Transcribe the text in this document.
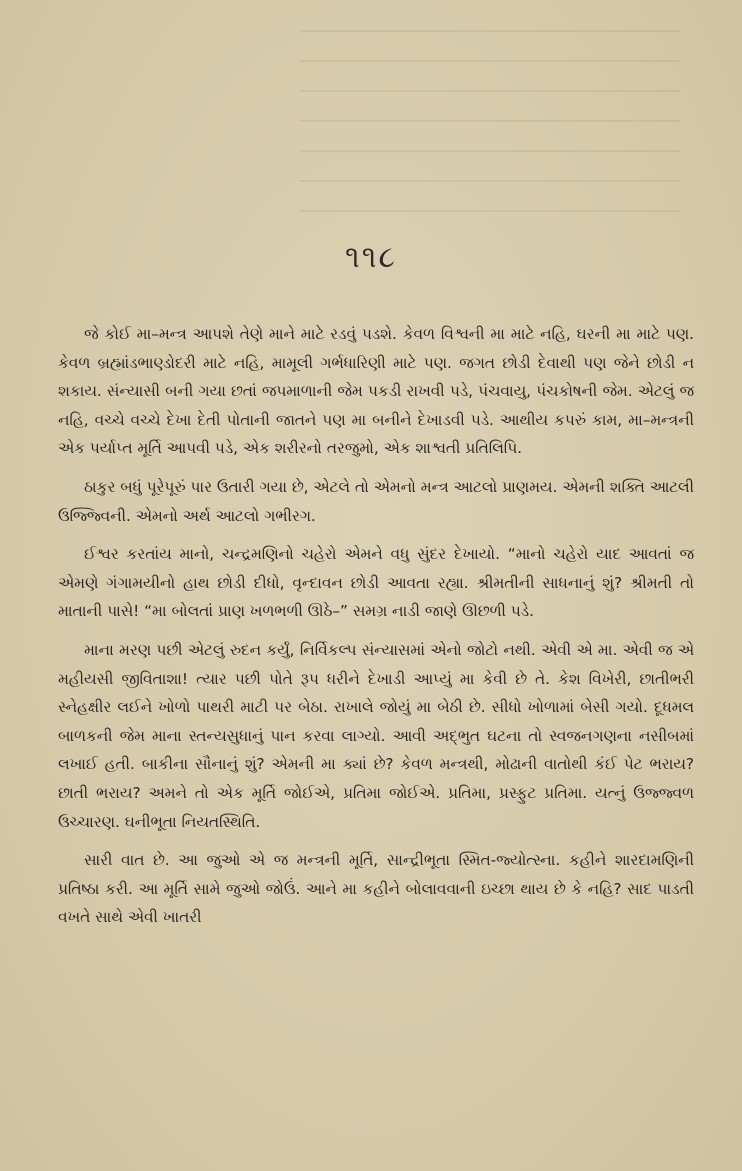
૧૧૮

જે કોઈ મા–મન્ત્ર આપશે તેણે માને માટે રડવું પડશે. કેવળ વિશ્વની મા માટે નહિ, ઘરની મા માટે પણ. કેવળ બ્રહ્માંડભાણ્ડોદરી માટે નહિ, મામૂલી ગર્ભધારિણી માટે પણ. જગત છોડી દેવાથી પણ જેને છોડી ન શકાય. સંન્યાસી બની ગયા છતાં જપમાળાની જેમ પકડી રાખવી પડે, પંચવાયુ, પંચકોષની જેમ. એટલું જ નહિ, વચ્ચે વચ્ચે દેખા દેતી પોતાની જાતને પણ મા બનીને દેખાડવી પડે. આથીય કપરું કામ, મા–મન્ત્રની એક પર્યાપ્ત મૂર્તિ આપવી પડે, એક શરીરનો તરજુમો, એક શાશ્વતી પ્રતિલિપિ.

ઠાકુર બધું પૂરેપૂરું પાર ઉતારી ગયા છે, એટલે તો એમનો મન્ત્ર આટલો પ્રાણમય. એમની શક્તિ આટલી ઉજ્જ્વિની. એમનો અર્થ આટલો ગભીરગ.

ઈશ્વર કરતાંય માનો, ચન્દ્રમણિનો ચહેરો એમને વધુ સુંદર દેખાયો. “માનો ચહેરો યાદ આવતાં જ એમણે ગંગામયીનો હાથ છોડી દીધો, વૃન્દાવન છોડી આવતા રહ્યા. શ્રીમતીની સાધનાનું શું? શ્રીમતી તો માતાની પાસે! “મા બોલતાં પ્રાણ ખળભળી ઊઠે–” સમગ્ર નાડી જાણે ઊછળી પડે.

માના મરણ પછી એટલું રુદન કર્યું, નિર્વિકલ્પ સંન્યાસમાં એનો જોટો નથી. એવી એ મા. એવી જ એ મહીયસી જીવિતાશા! ત્યાર પછી પોતે રૂપ ધરીને દેખાડી આપ્યું મા કેવી છે તે. કેશ વિખેરી, છાતીભરી સ્નેહક્ષીર લઈને ખોળો પાથરી માટી પર બેઠા. રાખાલે જોયું મા બેઠી છે. સીધો ખોળામાં બેસી ગયો. દૂધમલ બાળકની જેમ માના સ્તન્યસુધાનું પાન કરવા લાગ્યો. આવી અદ્ભુત ઘટના તો સ્વજનગણના નસીબમાં લખાઈ હતી. બાકીના સૌનાનું શું? એમની મા ક્યાં છે? કેવળ મન્ત્રથી, મોઢાની વાતોથી કંઈ પેટ ભરાય? છાતી ભરાય? અમને તો એક મૂર્તિ જોઈએ, પ્રતિમા જોઈએ. પ્રતિમા, પ્રસ્ફુટ પ્રતિમા. યત્નું ઉજ્જ્વળ ઉચ્ચારણ. ઘનીભૂતા નિયતસ્થિતિ.

સારી વાત છે. આ જુઓ એ જ મન્ત્રની મૂર્તિ, સાન્દ્રીભૂતા સ્મિત-જ્યોત્સ્ના. કહીને શારદામણિની પ્રતિષ્ઠા કરી. આ મૂર્તિ સામે જુઓ જોઉં. આને મા કહીને બોલાવવાની ઇચ્છા થાય છે કે નહિ? સાદ પાડતી વખતે સાથે એવી ખાતરી
